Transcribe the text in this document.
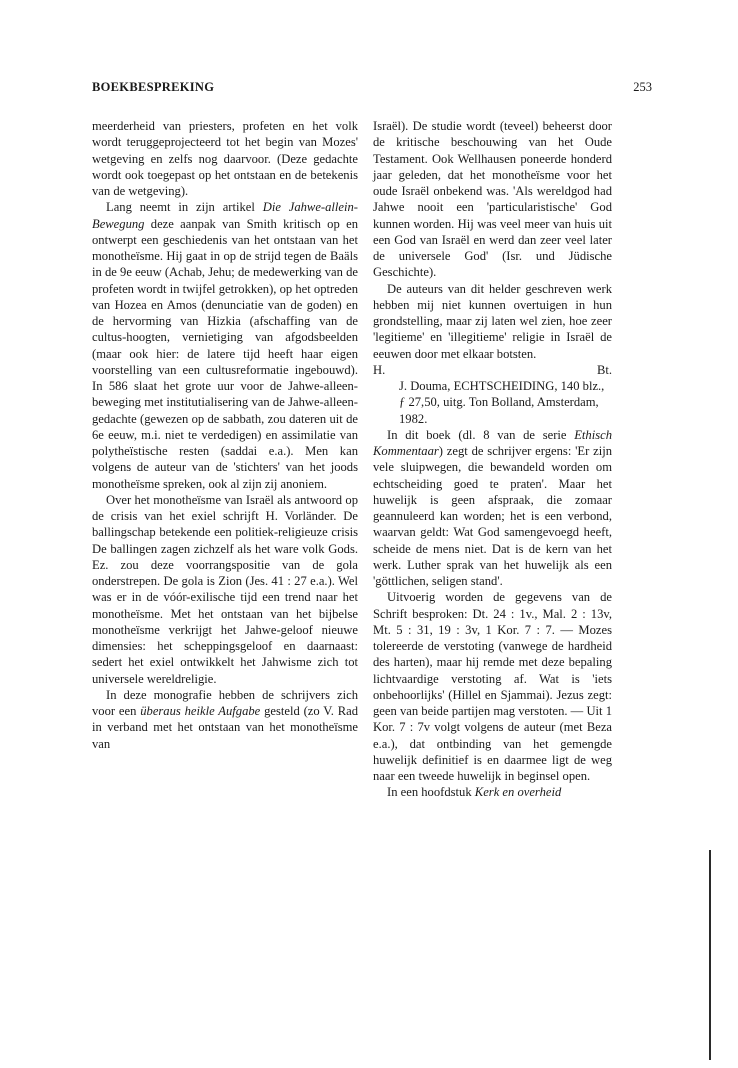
BOEKBESPREKING	253

meerderheid van priesters, profeten en het volk wordt teruggeprojecteerd tot het begin van Mozes' wetgeving en zelfs nog daarvoor. (Deze gedachte wordt ook toegepast op het ontstaan en de betekenis van de wetgeving).

Lang neemt in zijn artikel Die Jahwe-allein-Bewegung deze aanpak van Smith kritisch op en ontwerpt een geschiedenis van het ontstaan van het monotheïsme. Hij gaat in op de strijd tegen de Baäls in de 9e eeuw (Achab, Jehu; de medewerking van de profeten wordt in twijfel getrokken), op het optreden van Hozea en Amos (denunciatie van de goden) en de hervorming van Hizkia (afschaffing van de cultus-hoogten, vernietiging van afgodsbeelden (maar ook hier: de latere tijd heeft haar eigen voorstelling van een cultusreformatie ingebouwd). In 586 slaat het grote uur voor de Jahwe-alleen-beweging met institutialisering van de Jahwe-alleen-gedachte (gewezen op de sabbath, zou dateren uit de 6e eeuw, m.i. niet te verdedigen) en assimilatie van polytheïstische resten (saddai e.a.). Men kan volgens de auteur van de 'stichters' van het joods monotheïsme spreken, ook al zijn zij anoniem.

Over het monotheïsme van Israël als antwoord op de crisis van het exiel schrijft H. Vorländer. De ballingschap betekende een politiek-religieuze crisis De ballingen zagen zichzelf als het ware volk Gods. Ez. zou deze voorrangspositie van de gola onderstrepen. De gola is Zion (Jes. 41 : 27 e.a.). Wel was er in de vóór-exilische tijd een trend naar het monotheïsme. Met het ontstaan van het bijbelse monotheïsme verkrijgt het Jahwe-geloof nieuwe dimensies: het scheppingsgeloof en daarnaast: sedert het exiel ontwikkelt het Jahwisme zich tot universele wereldreligie.

In deze monografie hebben de schrijvers zich voor een überaus heikle Aufgabe gesteld (zo V. Rad in verband met het ontstaan van het monotheïsme van

Israël). De studie wordt (teveel) beheerst door de kritische beschouwing van het Oude Testament. Ook Wellhausen poneerde honderd jaar geleden, dat het monotheïsme voor het oude Israël onbekend was. 'Als wereldgod had Jahwe nooit een 'particularistische' God kunnen worden. Hij was veel meer van huis uit een God van Israël en werd dan zeer veel later de universele God' (Isr. und Jüdische Geschichte).

De auteurs van dit helder geschreven werk hebben mij niet kunnen overtuigen in hun grondstelling, maar zij laten wel zien, hoe zeer 'legitieme' en 'illegitieme' religie in Israël de eeuwen door met elkaar botsten.

H.	Bt.

J. Douma, ECHTSCHEIDING, 140 blz., ƒ 27,50, uitg. Ton Bolland, Amsterdam, 1982.

In dit boek (dl. 8 van de serie Ethisch Kommentaar) zegt de schrijver ergens: 'Er zijn vele sluipwegen, die bewandeld worden om echtscheiding goed te praten'. Maar het huwelijk is geen afspraak, die zomaar geannuleerd kan worden; het is een verbond, waarvan geldt: Wat God samengevoegd heeft, scheide de mens niet. Dat is de kern van het werk. Luther sprak van het huwelijk als een 'göttlichen, seligen stand'.

Uitvoerig worden de gegevens van de Schrift besproken: Dt. 24 : 1v., Mal. 2 : 13v, Mt. 5 : 31, 19 : 3v, 1 Kor. 7 : 7. — Mozes tolereerde de verstoting (vanwege de hardheid des harten), maar hij remde met deze bepaling lichtvaardige verstoting af. Wat is 'iets onbehoorlijks' (Hillel en Sjammai). Jezus zegt: geen van beide partijen mag verstoten. — Uit 1 Kor. 7 : 7v volgt volgens de auteur (met Beza e.a.), dat ontbinding van het gemengde huwelijk definitief is en daarmee ligt de weg naar een tweede huwelijk in beginsel open.

In een hoofdstuk Kerk en overheid
